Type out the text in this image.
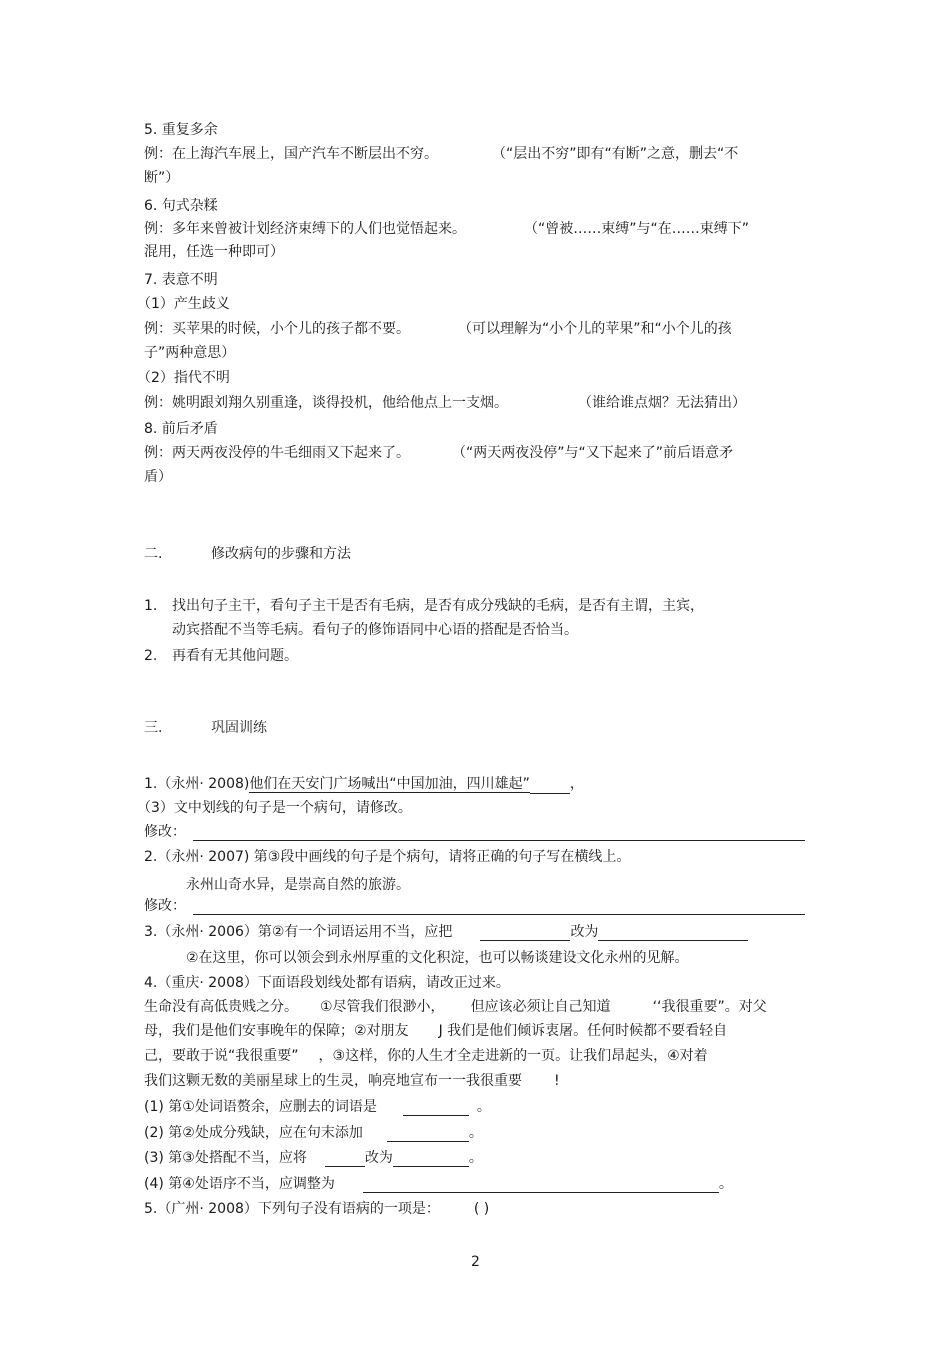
5. 重复多余
例：在上海汽车展上，国产汽车不断层出不穷。	（“层出不穷”即有“有断”之意，删去“不
断”）
6. 句式杂糅
例：多年来曾被计划经济束缚下的人们也觉悟起来。	（“曾被……束缚”与“在……束缚下”
混用，任选一种即可）
7. 表意不明
（1）产生歧义
例：买苹果的时候，小个儿的孩子都不要。	（可以理解为“小个儿的苹果”和“小个儿的孩
子”两种意思）
（2）指代不明
例：姚明跟刘翔久别重逢，谈得投机，他给他点上一支烟。	（谁给谁点烟？无法猜出）
8. 前后矛盾
例：两天两夜没停的牛毛细雨又下起来了。	（“两天两夜没停”与“又下起来了”前后语意矛
盾）
二.	修改病句的步骤和方法
1. 找出句子主干，看句子主干是否有毛病，是否有成分残缺的毛病，是否有主谓，主宾，
动宾搭配不当等毛病。看句子的修饰语同中心语的搭配是否恰当。
2. 再看有无其他问题。
三.	巩固训练
1.（永州· 2008)他们在天安门广场喊出“中国加油，四川雄起”	，
（3）文中划线的句子是一个病句，请修改。
修改：
2.（永州· 2007) 第③段中画线的句子是个病句，请将正确的句子写在横线上。
永州山奇水异，是崇高自然的旅游。
修改：
3.（永州· 2006）第②有一个词语运用不当，应把	改为
②在这里，你可以领会到永州厚重的文化积淀，也可以畅谈建设文化永州的见解。
4.（重庆· 2008）下面语段划线处都有语病，请改正过来。
生命没有高低贵贱之分。 ①尽管我们很渺小， 但应该必须让自己知道	‘‘我很重要”。对父
母，我们是他们安事晚年的保障；②对朋友 J 我们是他们倾诉衷屠。任何时候都不要看轻自
己，要敢于说“我很重要” ，③这样，你的人生才全走进新的一页。让我们昂起头，④对着
我们这颗无数的美丽星球上的生灵，响亮地宣布一一我很重要 !
(1) 第①处词语赘余，应删去的词语是	。
(2) 第②处成分残缺，应在句末添加	。
(3) 第③处搭配不当，应将	改为	。
(4) 第④处语序不当，应调整为	。
5.（广州· 2008）下列句子没有语病的一项是： ( )
2
